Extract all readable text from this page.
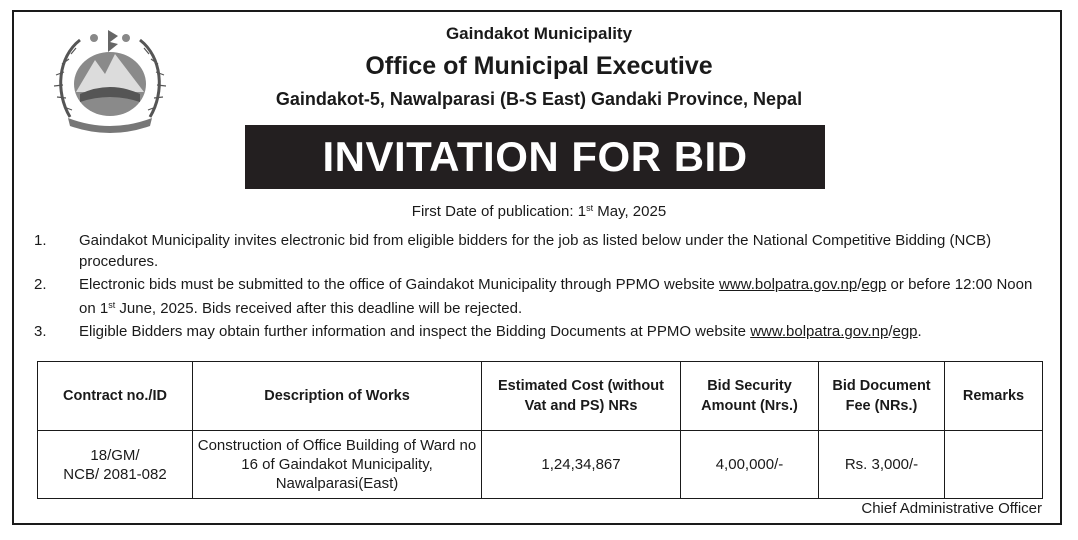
Gaindakot Municipality
Office of Municipal Executive
Gaindakot-5, Nawalparasi (B-S East) Gandaki Province, Nepal
INVITATION FOR BID
First Date of publication: 1st May, 2025
1. Gaindakot Municipality invites electronic bid from eligible bidders for the job as listed below under the National Competitive Bidding (NCB) procedures.
2. Electronic bids must be submitted to the office of Gaindakot Municipality through PPMO website www.bolpatra.gov.np/egp or before 12:00 Noon on 1st June, 2025. Bids received after this deadline will be rejected.
3. Eligible Bidders may obtain further information and inspect the Bidding Documents at PPMO website www.bolpatra.gov.np/egp.
Contract no./ID	Description of Works	Estimated Cost (without Vat and PS) NRs	Bid Security Amount (Nrs.)	Bid Document Fee (NRs.)	Remarks

18/GM/
NCB/ 2081-082	Construction of Office Building of Ward no 16 of Gaindakot Municipality, Nawalparasi(East)	1,24,34,867	4,00,000/-	Rs. 3,000/-	
Chief Administrative Officer
